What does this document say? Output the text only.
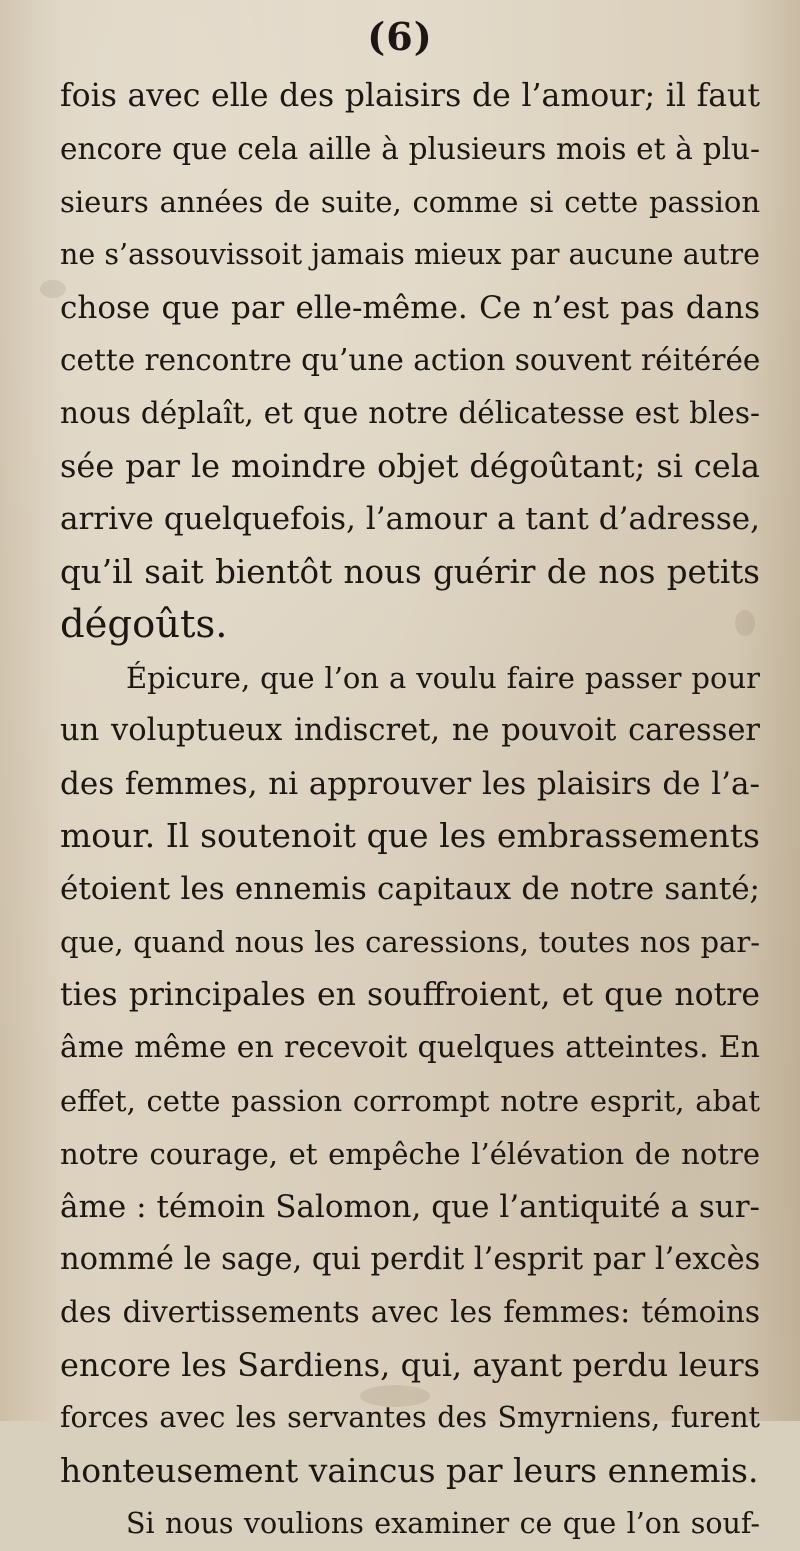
(6)
fois avec elle des plaisirs de l’amour; il faut
encore que cela aille à plusieurs mois et à plu-
sieurs années de suite, comme si cette passion
ne s’assouvissoit jamais mieux par aucune autre
chose que par elle-même. Ce n’est pas dans
cette rencontre qu’une action souvent réitérée
nous déplaît, et que notre délicatesse est bles-
sée par le moindre objet dégoûtant; si cela
arrive quelquefois, l’amour a tant d’adresse,
qu’il sait bientôt nous guérir de nos petits
dégoûts.
Épicure, que l’on a voulu faire passer pour
un voluptueux indiscret, ne pouvoit caresser
des femmes, ni approuver les plaisirs de l’a-
mour. Il soutenoit que les embrassements
étoient les ennemis capitaux de notre santé;
que, quand nous les caressions, toutes nos par-
ties principales en souffroient, et que notre
âme même en recevoit quelques atteintes. En
effet, cette passion corrompt notre esprit, abat
notre courage, et empêche l’élévation de notre
âme : témoin Salomon, que l’antiquité a sur-
nommé le sage, qui perdit l’esprit par l’excès
des divertissements avec les femmes: témoins
encore les Sardiens, qui, ayant perdu leurs
forces avec les servantes des Smyrniens, furent
honteusement vaincus par leurs ennemis.
Si nous voulions examiner ce que l’on souf-
